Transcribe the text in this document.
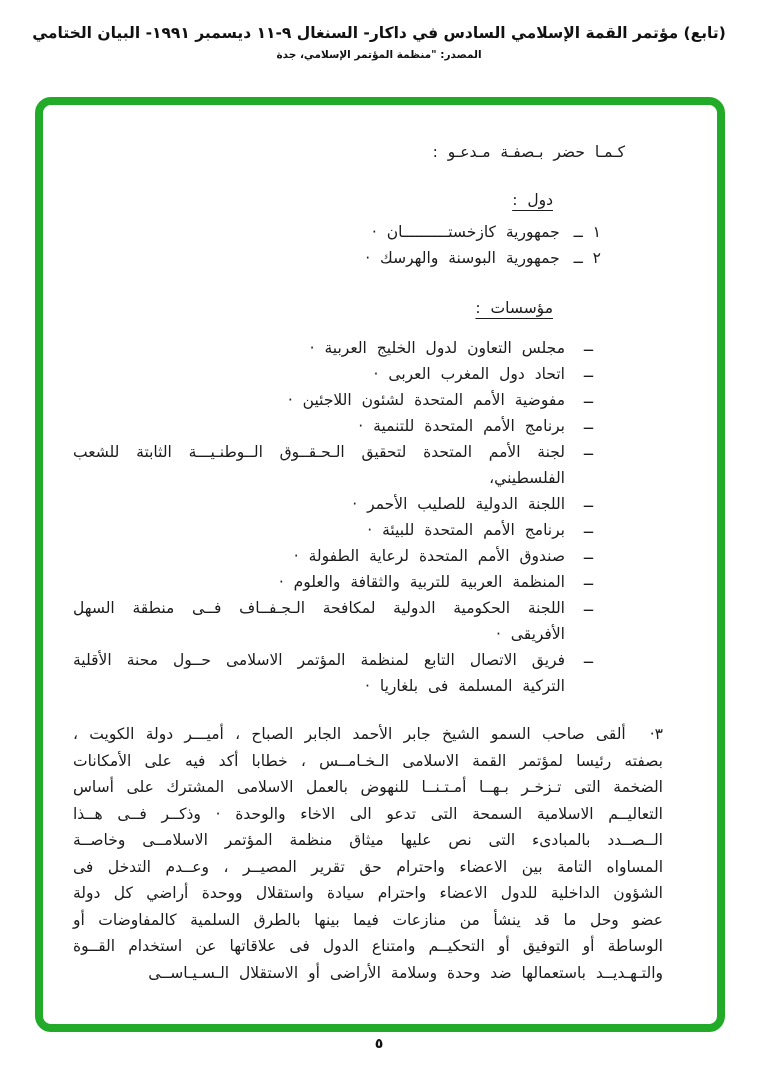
(تابع) مؤتمر القمة الإسلامي السادس في داكار- السنغال ٩-١١ ديسمبر ١٩٩١- البيان الختامي
المصدر: "منظمة المؤتمر الإسلامي، جدة

كـمـا حضر بـصفـة مـدعـو :

دول :

١ ــ
جمهورية كازخستــــــــــان ·
٢ ــ
جمهورية البوسنة والهرسك ·

مؤسسات :

ــ
مجلس التعاون لدول الخليج العربية ·
ــ
اتحاد دول المغرب العربى ·
ــ
مفوضية الأمم المتحدة لشئون اللاجئين ·
ــ
برنامج الأمم المتحدة للتنمية ·
ــ
لجنة الأمم المتحدة لتحقيق الـحـقــوق الــوطنـيـــة الثابتة للشعب الفلسطيني،
ــ
اللجنة الدولية للصليب الأحمر ·
ــ
برنامج الأمم المتحدة للبيئة ·
ــ
صندوق الأمم المتحدة لرعاية الطفولة ·
ــ
المنظمة العربية للتربية والثقافة والعلوم ·
ــ
اللجنة الحكومية الدولية لمكافحة الـجـفــاف فــى منطقة السهل الأفريقى ·
ــ
فريق الاتصال التابع لمنظمة المؤتمر الاسلامى حــول محنة الأقلية التركية المسلمة فى بلغاريا ·

٣·ألقى صاحب السمو الشيخ جابر الأحمد الجابر الصباح ، أميـــر دولة الكويت ، بصفته رئيسا لمؤتمر القمة الاسلامى الـخـامــس ، خطابا أكد فيه على الأمكانات الضخمة التى تـزخـر بـهــا أمـتـنــا للنهوض بالعمل الاسلامى المشترك على أساس التعاليــم الاسلامية السمحة التى تدعو الى الاخاء والوحدة · وذكــر فــى هــذا الــصــدد بالمبادىء التى نص عليها ميثاق منظمة المؤتمر الاسلامــى وخاصــة المساواه التامة بين الاعضاء واحترام حق تقرير المصيــر ، وعــدم التدخل فى الشؤون الداخلية للدول الاعضاء واحترام سيادة واستقلال ووحدة أراضي كل دولة عضو وحل ما قد ينشأ من منازعات فيما بينها بالطرق السلمية كالمفاوضات أو الوساطة أو التوفيق أو التحكيــم وامتناع الدول فى علاقاتها عن استخدام القــوة والتـهـديــد باستعمالها ضد وحدة وسلامة الأراضى أو الاستقلال الـسـيـاســى

٥
